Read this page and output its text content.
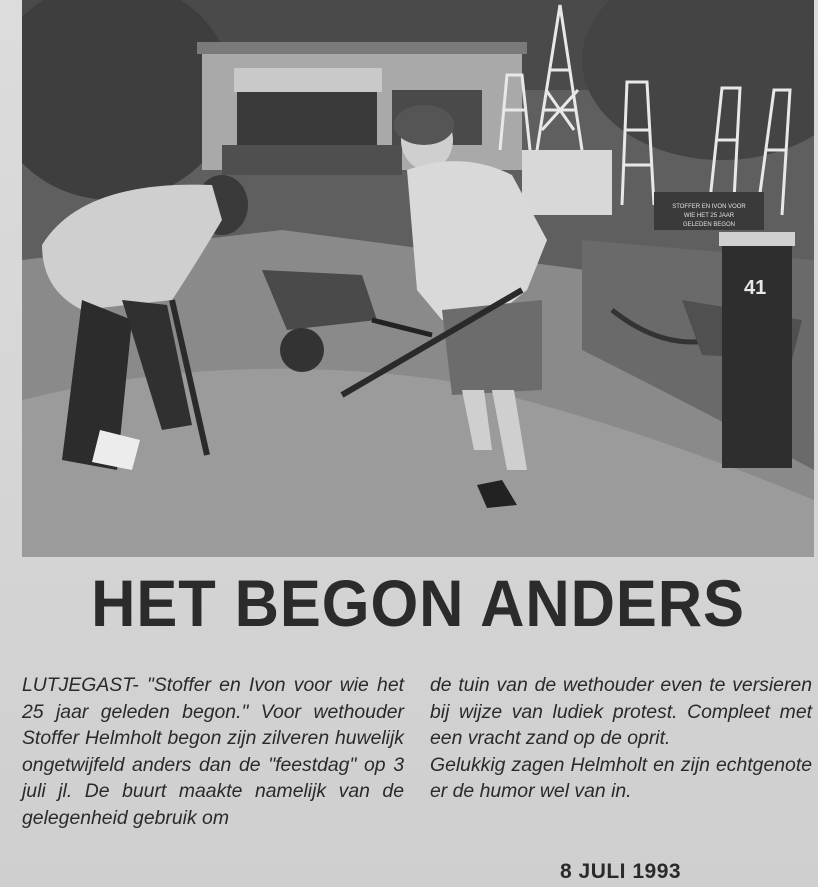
STOFFER EN IVON VOOR
WIE HET 25 JAAR
GELEDEN BEGON
41
HET BEGON ANDERS

LUTJEGAST- "Stoffer en Ivon voor wie het 25 jaar geleden begon." Voor wethouder Stoffer Helmholt begon zijn zilveren huwelijk ongetwijfeld anders dan de "feestdag" op 3 juli jl. De buurt maakte namelijk van de gelegenheid gebruik om

de tuin van de wethouder even te versieren bij wijze van ludiek protest. Compleet met een vracht zand op de oprit.

Gelukkig zagen Helmholt en zijn echtgenote er de humor wel van in.

8 JULI 1993
